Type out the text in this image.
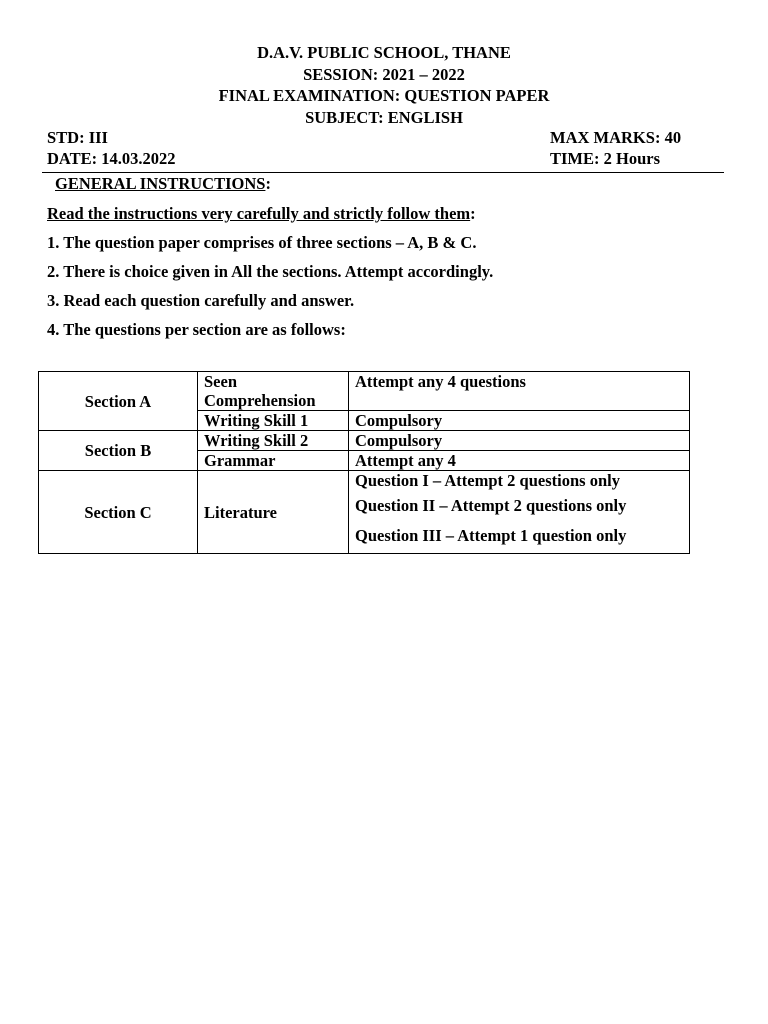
D.A.V. PUBLIC SCHOOL, THANE
SESSION: 2021 – 2022
FINAL EXAMINATION: QUESTION PAPER
SUBJECT: ENGLISH
STD: III	MAX MARKS: 40
DATE: 14.03.2022	TIME: 2 Hours
GENERAL INSTRUCTIONS:
Read the instructions very carefully and strictly follow them:
1. The question paper comprises of three sections – A, B & C.
2. There is choice given in All the sections. Attempt accordingly.
3. Read each question carefully and answer.
4. The questions per section are as follows:
Section A	Seen Comprehension	Attempt any 4 questions
	Writing Skill 1	Compulsory
Section B	Writing Skill 2	Compulsory
	Grammar	Attempt any 4
Section C	Literature	Question I – Attempt 2 questions only
Question II – Attempt 2 questions only
Question III – Attempt 1 question only
